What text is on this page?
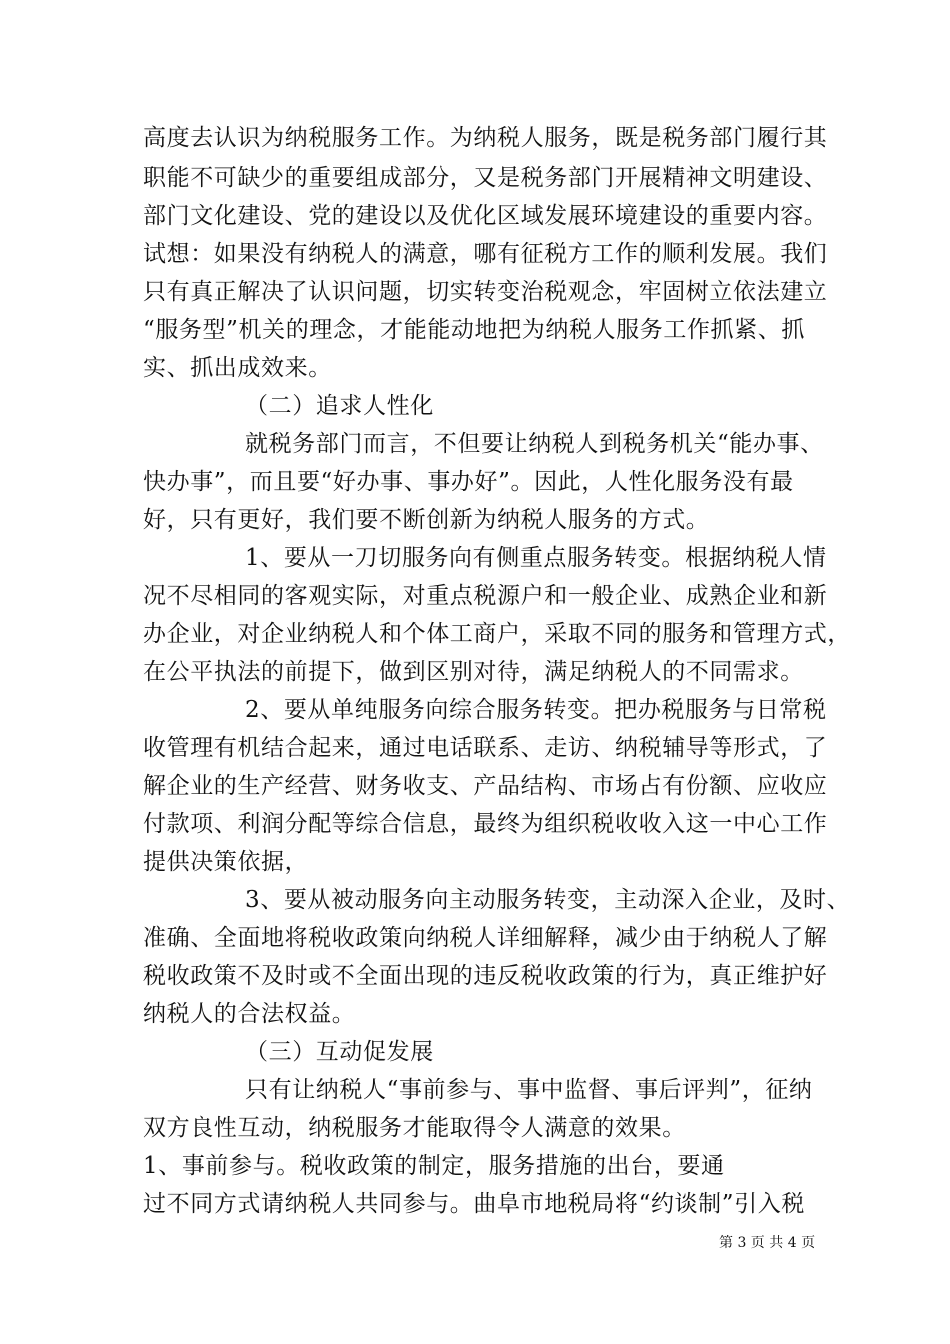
高度去认识为纳税服务工作。为纳税人服务，既是税务部门履行其
职能不可缺少的重要组成部分，又是税务部门开展精神文明建设、
部门文化建设、党的建设以及优化区域发展环境建设的重要内容。
试想：如果没有纳税人的满意，哪有征税方工作的顺利发展。我们
只有真正解决了认识问题，切实转变治税观念，牢固树立依法建立
“服务型”机关的理念，才能能动地把为纳税人服务工作抓紧、抓
实、抓出成效来。
（二）追求人性化
就税务部门而言，不但要让纳税人到税务机关“能办事、
快办事”，而且要“好办事、事办好”。因此，人性化服务没有最
好，只有更好，我们要不断创新为纳税人服务的方式。
1、要从一刀切服务向有侧重点服务转变。根据纳税人情
况不尽相同的客观实际，对重点税源户和一般企业、成熟企业和新
办企业，对企业纳税人和个体工商户，采取不同的服务和管理方式，
在公平执法的前提下，做到区别对待，满足纳税人的不同需求。
2、要从单纯服务向综合服务转变。把办税服务与日常税
收管理有机结合起来，通过电话联系、走访、纳税辅导等形式，了
解企业的生产经营、财务收支、产品结构、市场占有份额、应收应
付款项、利润分配等综合信息，最终为组织税收收入这一中心工作
提供决策依据，
3、要从被动服务向主动服务转变，主动深入企业，及时、
准确、全面地将税收政策向纳税人详细解释，减少由于纳税人了解
税收政策不及时或不全面出现的违反税收政策的行为，真正维护好
纳税人的合法权益。
（三）互动促发展
只有让纳税人“事前参与、事中监督、事后评判”，征纳
双方良性互动，纳税服务才能取得令人满意的效果。
1、事前参与。税收政策的制定，服务措施的出台，要通
过不同方式请纳税人共同参与。曲阜市地税局将“约谈制”引入税
第 3 页 共 4 页
